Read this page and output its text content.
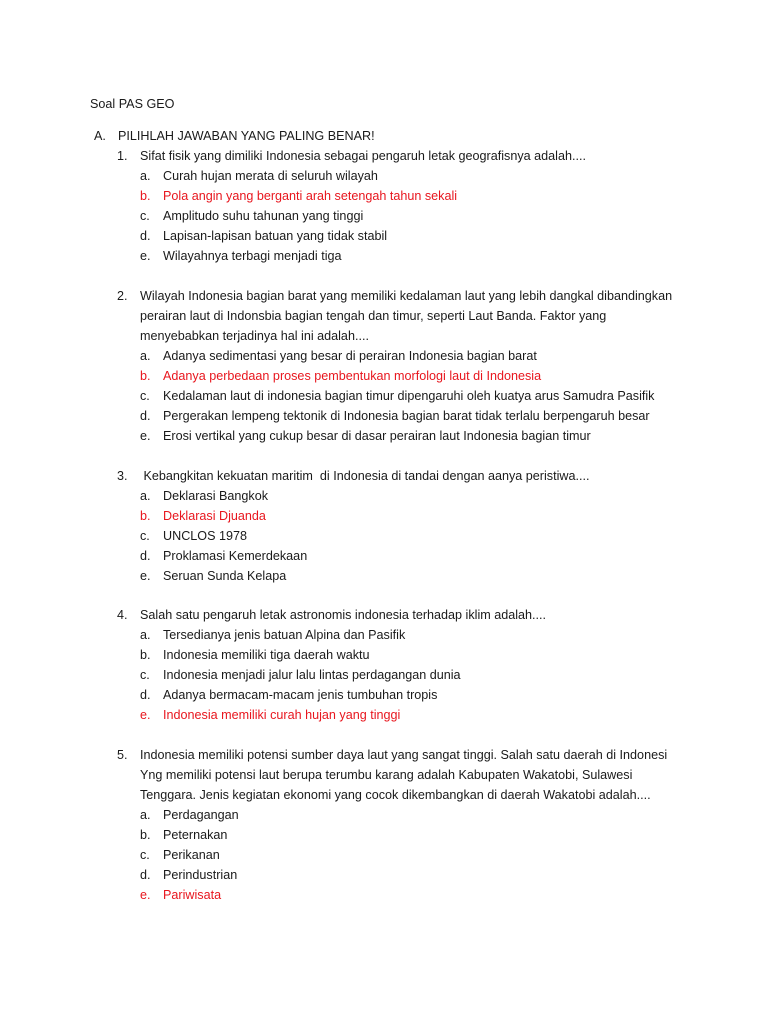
Soal PAS GEO
A. PILIHLAH JAWABAN YANG PALING BENAR!
1. Sifat fisik yang dimiliki Indonesia sebagai pengaruh letak geografisnya adalah....
a. Curah hujan merata di seluruh wilayah
b. Pola angin yang berganti arah setengah tahun sekali
c. Amplitudo suhu tahunan yang tinggi
d. Lapisan-lapisan batuan yang tidak stabil
e. Wilayahnya terbagi menjadi tiga
2. Wilayah Indonesia bagian barat yang memiliki kedalaman laut yang lebih dangkal dibandingkan perairan laut di Indonsbia bagian tengah dan timur, seperti Laut Banda. Faktor yang menyebabkan terjadinya hal ini adalah....
a. Adanya sedimentasi yang besar di perairan Indonesia bagian barat
b. Adanya perbedaan proses pembentukan morfologi laut di Indonesia
c. Kedalaman laut di indonesia bagian timur dipengaruhi oleh kuatya arus Samudra Pasifik
d. Pergerakan lempeng tektonik di Indonesia bagian barat tidak terlalu berpengaruh besar
e. Erosi vertikal yang cukup besar di dasar perairan laut Indonesia bagian timur
3. Kebangkitan kekuatan maritim  di Indonesia di tandai dengan aanya peristiwa....
a. Deklarasi Bangkok
b. Deklarasi Djuanda
c. UNCLOS 1978
d. Proklamasi Kemerdekaan
e. Seruan Sunda Kelapa
4. Salah satu pengaruh letak astronomis indonesia terhadap iklim adalah....
a. Tersedianya jenis batuan Alpina dan Pasifik
b. Indonesia memiliki tiga daerah waktu
c. Indonesia menjadi jalur lalu lintas perdagangan dunia
d. Adanya bermacam-macam jenis tumbuhan tropis
e. Indonesia memiliki curah hujan yang tinggi
5. Indonesia memiliki potensi sumber daya laut yang sangat tinggi. Salah satu daerah di Indonesi Yng memiliki potensi laut berupa terumbu karang adalah Kabupaten Wakatobi, Sulawesi Tenggara. Jenis kegiatan ekonomi yang cocok dikembangkan di daerah Wakatobi adalah....
a. Perdagangan
b. Peternakan
c. Perikanan
d. Perindustrian
e. Pariwisata
